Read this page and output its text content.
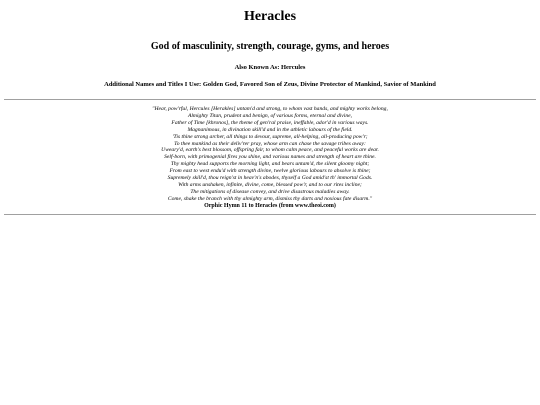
Heracles
God of masculinity, strength, courage, gyms, and heroes

Also Known As: Hercules

Additional Names and Titles I Use: Golden God, Favored Son of Zeus, Divine Protector of Mankind, Savior of Mankind

"Hear, pow'rful, Hercules [Herakles] untam'd and strong, to whom vast hands, and mighty works belong,
Almighty Titan, prudent and benign, of various forms, eternal and divine,
Father of Time [khronos], the theme of gen'ral praise, ineffable, ador'd in various ways.
Magnanimous, in divination skill'd and in the athletic labours of the field.
'Tis thine strong archer, all things to devour, supreme, all-helping, all-producing pow'r;
To thee mankind as their deliv'rer pray, whose arm can chase the savage tribes away:
Uweary'd, earth's best blossom, offspring fair, to whom calm peace, and peaceful works are dear.
Self-born, with primogenial fires you shine, and various names and strength of heart are thine.
Thy mighty head supports the morning light, and bears untam'd, the silent gloomy night;
From east to west endu'd with strength divine, twelve glorious labours to absolve is thine;
Supremely skill'd, thou reign'st in heav'n's abodes, thyself a God amid'st th' immortal Gods.
With arms unshaken, infinite, divine, come, blessed pow'r, and to our rites incline;
The mitigations of disease convey, and drive disastrous maladies away.
Come, shake the branch with thy almighty arm, dismiss thy darts and noxious fate disarm."
Orphic Hymn 11 to Heracles (from www.theoi.com)
